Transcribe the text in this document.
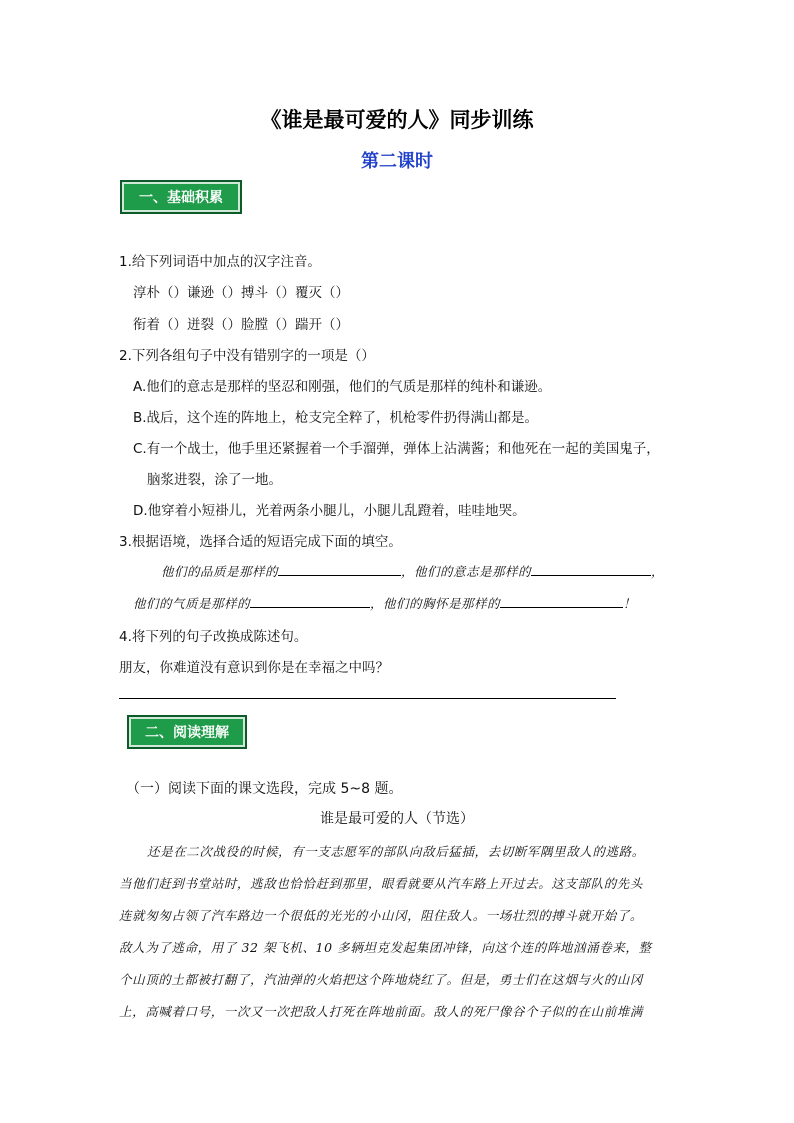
《谁是最可爱的人》同步训练
第二课时
一、基础积累
1.给下列词语中加点的汉字注音。
淳朴（）谦逊（）搏斗（）覆灭（）
衔着（）迸裂（）脸膛（）踹开（）
2.下列各组句子中没有错别字的一项是（）
A.他们的意志是那样的坚忍和刚强，他们的气质是那样的纯朴和谦逊。
B.战后，这个连的阵地上，枪支完全粹了，机枪零件扔得满山都是。
C.有一个战士，他手里还紧握着一个手溜弹，弹体上沾满酱；和他死在一起的美国鬼子，
脑浆进裂，涂了一地。
D.他穿着小短褂儿，光着两条小腿儿，小腿儿乱蹬着，哇哇地哭。
3.根据语境，选择合适的短语完成下面的填空。
他们的品质是那样的	，他们的意志是那样的	，
他们的气质是那样的	，他们的胸怀是那样的	！
4.将下列的句子改换成陈述句。
朋友，你难道没有意识到你是在幸福之中吗？
二、阅读理解
（一）阅读下面的课文选段，完成 5~8 题。
谁是最可爱的人（节选）
还是在二次战役的时候，有一支志愿军的部队向敌后猛插，去切断军隅里敌人的逃路。
当他们赶到书堂站时，逃敌也恰恰赶到那里，眼看就要从汽车路上开过去。这支部队的先头
连就匆匆占领了汽车路边一个很低的光光的小山冈，阻住敌人。一场壮烈的搏斗就开始了。
敌人为了逃命，用了 32 架飞机、10 多辆坦克发起集团冲锋，向这个连的阵地汹涌卷来，整
个山顶的土都被打翻了，汽油弹的火焰把这个阵地烧红了。但是，勇士们在这烟与火的山冈
上，高喊着口号，一次又一次把敌人打死在阵地前面。敌人的死尸像谷个子似的在山前堆满
